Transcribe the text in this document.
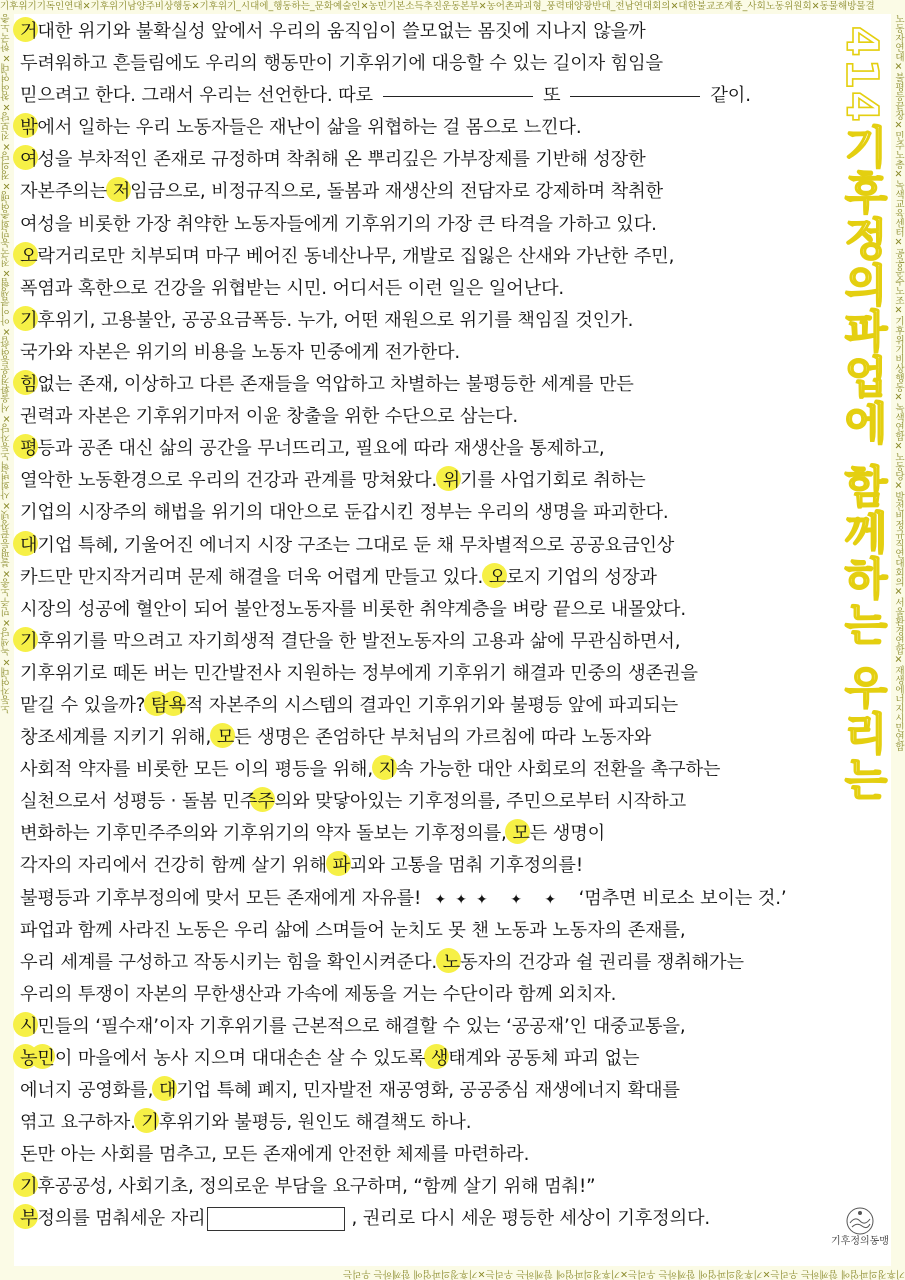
기후위기기독인연대✕기후위기남양주비상행동✕기후위기_시대에_행동하는_문화예술인✕농민기본소득추진운동본부✕농어촌파괴형_풍력태양광반대_전남연대회의✕대한불교조계종_사회노동위원회✕동물해방물결
노동자연대✕녹색당✕민주노총✕불평등끝장넷✕사회변혁노동자당✕서울환경운동연합✕아이쿱생협✕전국농민회총연맹✕정의당✕진보당✕참여연대✕한국노총	노동자연대✕불평등끝장✕민주노총✕녹색교육센터✕공공운수노조✕기후위기비상행동✕녹색연합✕노동당✕발전비정규직연대회의✕서울환경연합✕재생에너지시민연합
기후정의파업에 함께하는 우리는✕기후정의파업에 함께하는 우리는✕기후정의파업에 함께하는 우리는✕기후정의파업에 함께하는 우리는
414기후정의파업에 함께하는 우리는
거대한 위기와 불확실성 앞에서 우리의 움직임이 쓸모없는 몸짓에 지나지 않을까
두려워하고 흔들림에도 우리의 행동만이 기후위기에 대응할 수 있는 길이자 힘임을
믿으려고 한다. 그래서 우리는 선언한다. 따로	또	같이.
밖에서 일하는 우리 노동자들은 재난이 삶을 위협하는 걸 몸으로 느낀다.
여성을 부차적인 존재로 규정하며 착취해 온 뿌리깊은 가부장제를 기반해 성장한
자본주의는 저임금으로, 비정규직으로, 돌봄과 재생산의 전담자로 강제하며 착취한
여성을 비롯한 가장 취약한 노동자들에게 기후위기의 가장 큰 타격을 가하고 있다.
오락거리로만 치부되며 마구 베어진 동네산나무, 개발로 집잃은 산새와 가난한 주민,
폭염과 혹한으로 건강을 위협받는 시민. 어디서든 이런 일은 일어난다.
기후위기, 고용불안, 공공요금폭등. 누가, 어떤 재원으로 위기를 책임질 것인가.
국가와 자본은 위기의 비용을 노동자 민중에게 전가한다.
힘없는 존재, 이상하고 다른 존재들을 억압하고 차별하는 불평등한 세계를 만든
권력과 자본은 기후위기마저 이윤 창출을 위한 수단으로 삼는다.
평등과 공존 대신 삶의 공간을 무너뜨리고, 필요에 따라 재생산을 통제하고,
열악한 노동환경으로 우리의 건강과 관계를 망쳐왔다. 위기를 사업기회로 취하는
기업의 시장주의 해법을 위기의 대안으로 둔갑시킨 정부는 우리의 생명을 파괴한다.
대기업 특혜, 기울어진 에너지 시장 구조는 그대로 둔 채 무차별적으로 공공요금인상
카드만 만지작거리며 문제 해결을 더욱 어렵게 만들고 있다. 오로지 기업의 성장과
시장의 성공에 혈안이 되어 불안정노동자를 비롯한 취약계층을 벼랑 끝으로 내몰았다.
기후위기를 막으려고 자기희생적 결단을 한 발전노동자의 고용과 삶에 무관심하면서,
기후위기로 떼돈 버는 민간발전사 지원하는 정부에게 기후위기 해결과 민중의 생존권을
맡길 수 있을까? 탐욕적 자본주의 시스템의 결과인 기후위기와 불평등 앞에 파괴되는
창조세계를 지키기 위해, 모든 생명은 존엄하단 부처님의 가르침에 따라 노동자와
사회적 약자를 비롯한 모든 이의 평등을 위해, 지속 가능한 대안 사회로의 전환을 촉구하는
실천으로서 성평등 · 돌봄 민주주의와 맞닿아있는 기후정의를, 주민으로부터 시작하고
변화하는 기후민주주의와 기후위기의 약자 돌보는 기후정의를, 모든 생명이
각자의 자리에서 건강히 함께 살기 위해 파괴와 고통을 멈춰 기후정의를!
불평등과 기후부정의에 맞서 모든 존재에게 자유를! ✦✦✦ ✦ ✦ ‘멈추면 비로소 보이는 것.’
파업과 함께 사라진 노동은 우리 삶에 스며들어 눈치도 못 챈 노동과 노동자의 존재를,
우리 세계를 구성하고 작동시키는 힘을 확인시켜준다. 노동자의 건강과 쉴 권리를 쟁취해가는
우리의 투쟁이 자본의 무한생산과 가속에 제동을 거는 수단이라 함께 외치자.
시민들의 ‘필수재’이자 기후위기를 근본적으로 해결할 수 있는 ‘공공재’인 대중교통을,
농민이 마을에서 농사 지으며 대대손손 살 수 있도록 생태계와 공동체 파괴 없는
에너지 공영화를, 대기업 특혜 폐지, 민자발전 재공영화, 공공중심 재생에너지 확대를
엮고 요구하자. 기후위기와 불평등, 원인도 해결책도 하나.
돈만 아는 사회를 멈추고, 모든 존재에게 안전한 체제를 마련하라.
기후공공성, 사회기초, 정의로운 부담을 요구하며, “함께 살기 위해 멈춰!”
부정의를 멈춰세운 자리	, 권리로 다시 세운 평등한 세상이 기후정의다.
기후정의동맹
